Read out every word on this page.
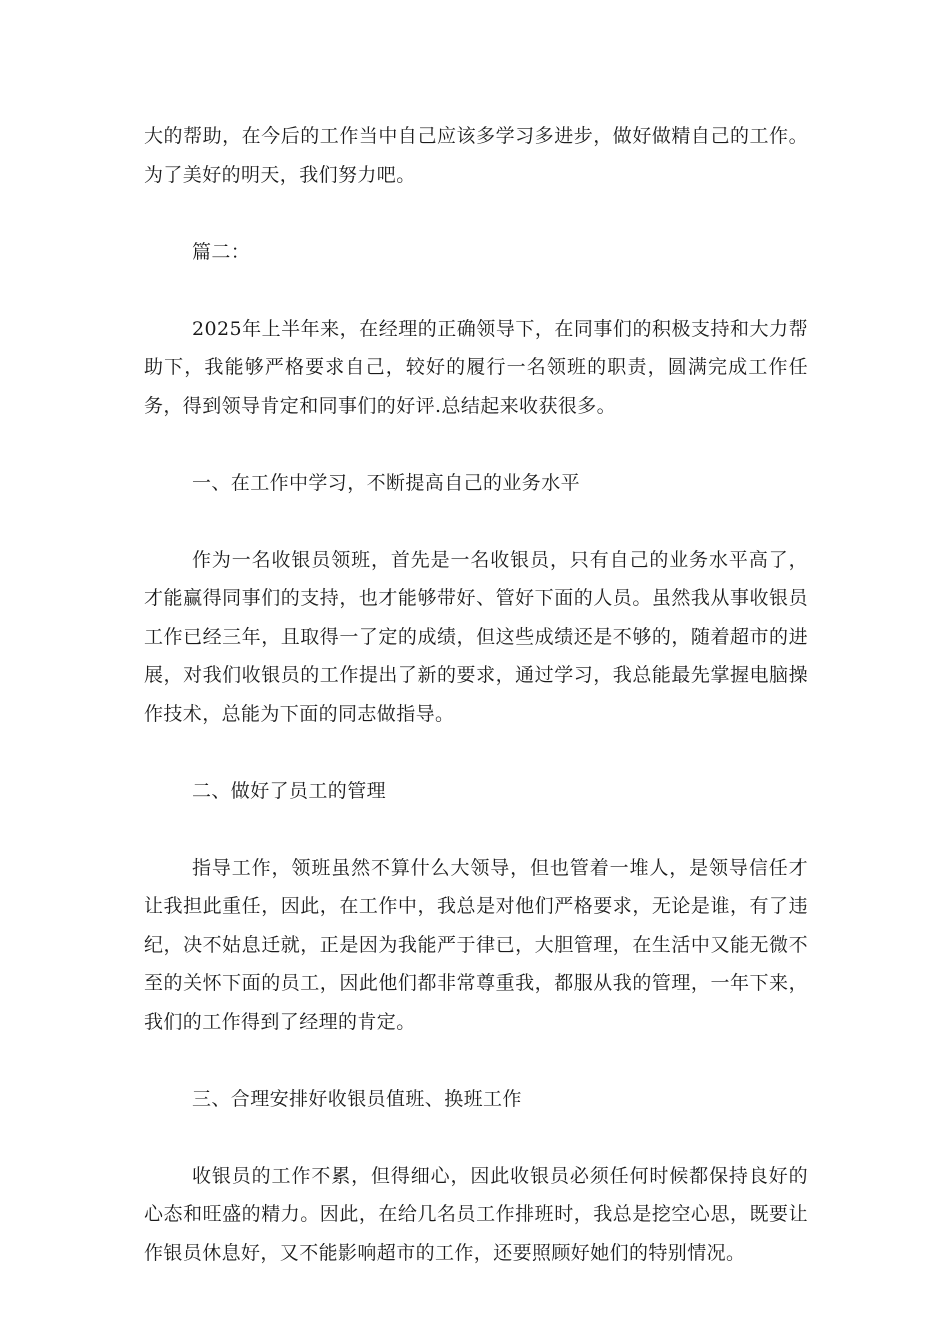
大的帮助，在今后的工作当中自己应该多学习多进步，做好做精自己的工作。为了美好的明天，我们努力吧。

篇二：

2025年上半年来，在经理的正确领导下，在同事们的积极支持和大力帮助下，我能够严格要求自己，较好的履行一名领班的职责，圆满完成工作任务，得到领导肯定和同事们的好评.总结起来收获很多。

一、在工作中学习，不断提高自己的业务水平

作为一名收银员领班，首先是一名收银员，只有自己的业务水平高了，才能赢得同事们的支持，也才能够带好、管好下面的人员。虽然我从事收银员工作已经三年，且取得一了定的成绩，但这些成绩还是不够的，随着超市的进展，对我们收银员的工作提出了新的要求，通过学习，我总能最先掌握电脑操作技术，总能为下面的同志做指导。

二、做好了员工的管理

指导工作，领班虽然不算什么大领导，但也管着一堆人，是领导信任才让我担此重任，因此，在工作中，我总是对他们严格要求，无论是谁，有了违纪，决不姑息迁就，正是因为我能严于律已，大胆管理，在生活中又能无微不至的关怀下面的员工，因此他们都非常尊重我，都服从我的管理，一年下来，我们的工作得到了经理的肯定。

三、合理安排好收银员值班、换班工作

收银员的工作不累，但得细心，因此收银员必须任何时候都保持良好的心态和旺盛的精力。因此，在给几名员工作排班时，我总是挖空心思，既要让作银员休息好，又不能影响超市的工作，还要照顾好她们的特别情况。
